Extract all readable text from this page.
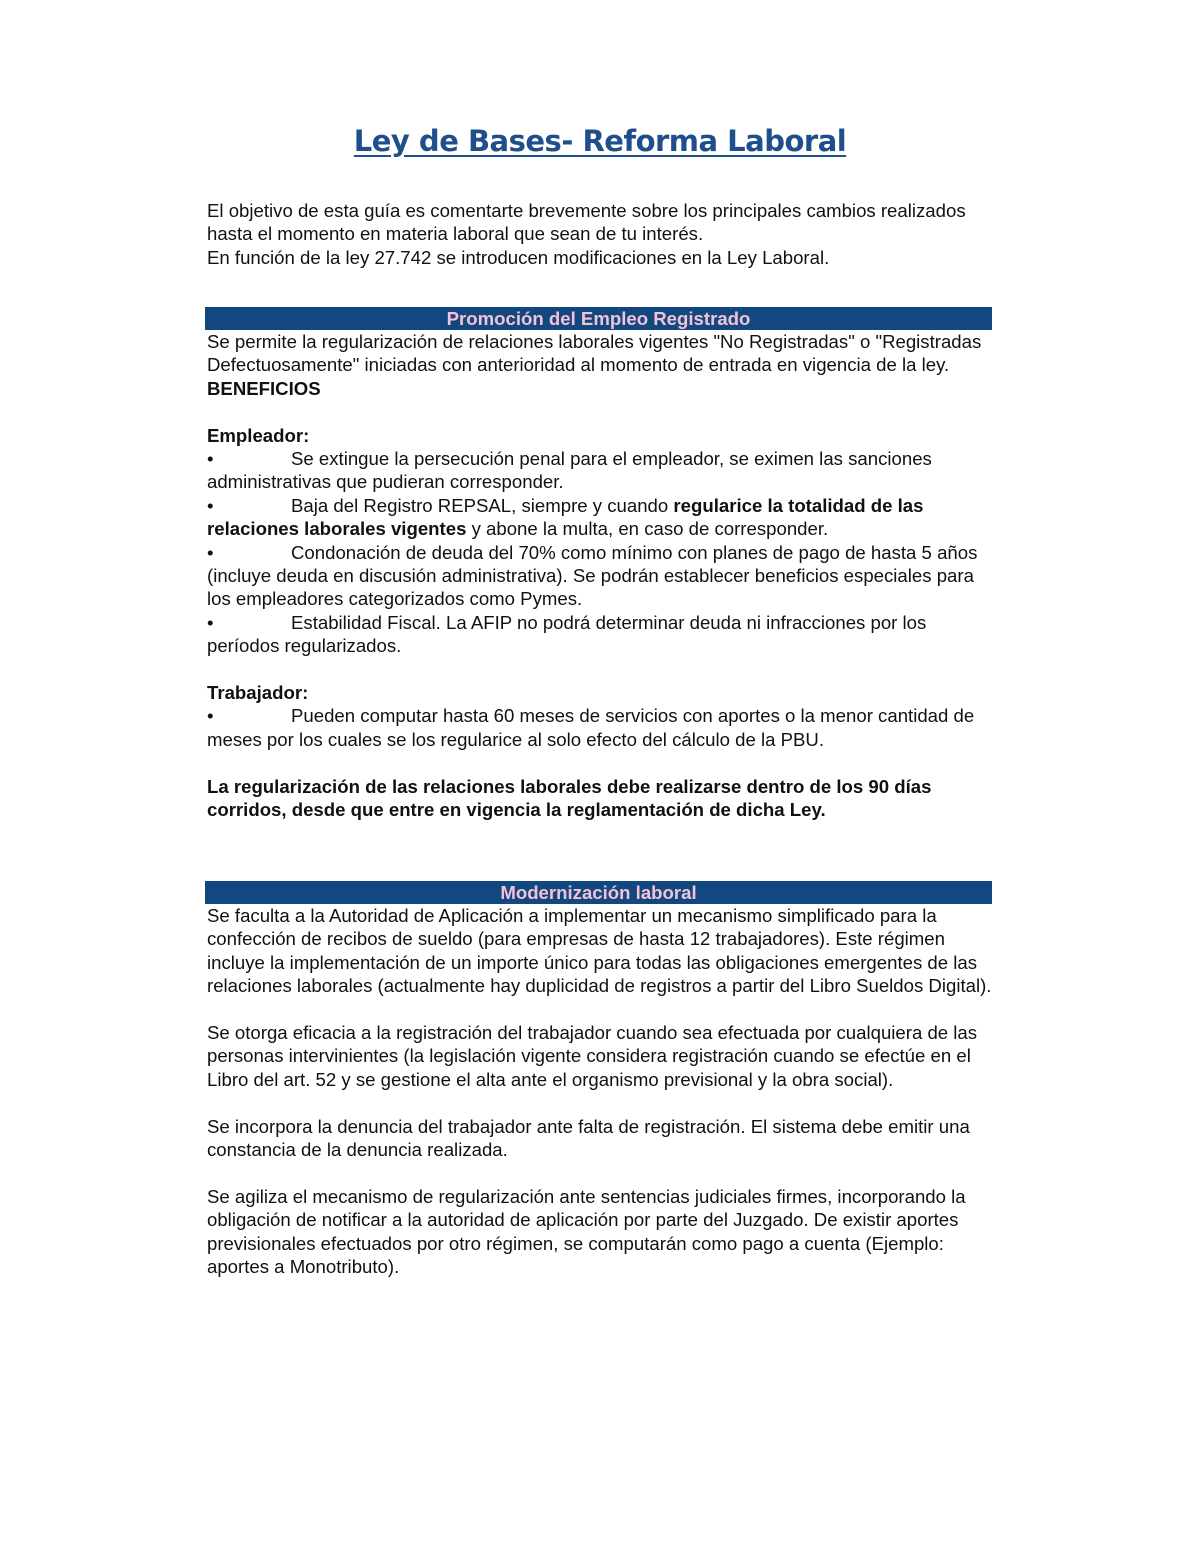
Ley de Bases- Reforma Laboral

El objetivo de esta guía es comentarte brevemente sobre los principales cambios realizados hasta el momento en materia laboral que sean de tu interés.

En función de la ley 27.742 se introducen modificaciones en la Ley Laboral.

Promoción del Empleo Registrado

Se permite la regularización de relaciones laborales vigentes "No Registradas" o "Registradas Defectuosamente" iniciadas con anterioridad al momento de entrada en vigencia de la ley.

BENEFICIOS

Empleador:

•	Se extingue la persecución penal para el empleador, se eximen las sanciones administrativas que pudieran corresponder.

•	Baja del Registro REPSAL, siempre y cuando regularice la totalidad de las relaciones laborales vigentes y abone la multa, en caso de corresponder.

•	Condonación de deuda del 70% como mínimo con planes de pago de hasta 5 años (incluye deuda en discusión administrativa). Se podrán establecer beneficios especiales para los empleadores categorizados como Pymes.

•	Estabilidad Fiscal. La AFIP no podrá determinar deuda ni infracciones por los períodos regularizados.

Trabajador:

•	Pueden computar hasta 60 meses de servicios con aportes o la menor cantidad de meses por los cuales se los regularice al solo efecto del cálculo de la PBU.

La regularización de las relaciones laborales debe realizarse dentro de los 90 días corridos, desde que entre en vigencia la reglamentación de dicha Ley.

Modernización laboral

Se faculta a la Autoridad de Aplicación a implementar un mecanismo simplificado para la confección de recibos de sueldo (para empresas de hasta 12 trabajadores). Este régimen incluye la implementación de un importe único para todas las obligaciones emergentes de las relaciones laborales (actualmente hay duplicidad de registros a partir del Libro Sueldos Digital).

Se otorga eficacia a la registración del trabajador cuando sea efectuada por cualquiera de las personas intervinientes (la legislación vigente considera registración cuando se efectúe en el Libro del art. 52 y se gestione el alta ante el organismo previsional y la obra social).

Se incorpora la denuncia del trabajador ante falta de registración. El sistema debe emitir una constancia de la denuncia realizada.

Se agiliza el mecanismo de regularización ante sentencias judiciales firmes, incorporando la obligación de notificar a la autoridad de aplicación por parte del Juzgado. De existir aportes previsionales efectuados por otro régimen, se computarán como pago a cuenta (Ejemplo: aportes a Monotributo).
